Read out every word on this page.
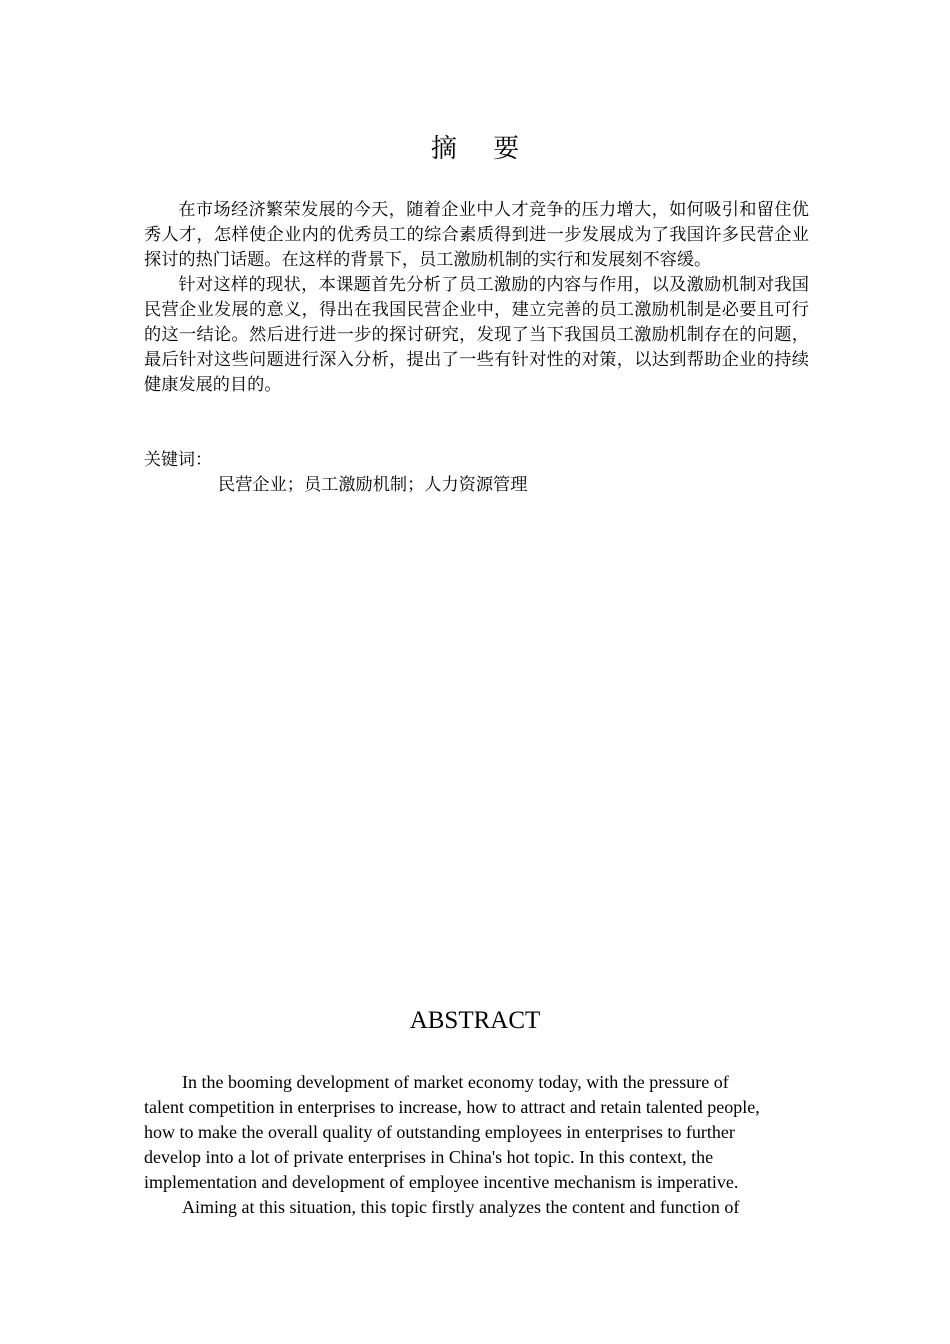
摘 要

在市场经济繁荣发展的今天，随着企业中人才竞争的压力增大，如何吸引和留住优秀人才，怎样使企业内的优秀员工的综合素质得到进一步发展成为了我国许多民营企业探讨的热门话题。在这样的背景下，员工激励机制的实行和发展刻不容缓。

针对这样的现状，本课题首先分析了员工激励的内容与作用，以及激励机制对我国民营企业发展的意义，得出在我国民营企业中，建立完善的员工激励机制是必要且可行的这一结论。然后进行进一步的探讨研究，发现了当下我国员工激励机制存在的问题，最后针对这些问题进行深入分析，提出了一些有针对性的对策，以达到帮助企业的持续健康发展的目的。

关键词：
民营企业；员工激励机制；人力资源管理
ABSTRACT

In the booming development of market economy today, with the pressure of
talent competition in enterprises to increase, how to attract and retain talented people,
how to make the overall quality of outstanding employees in enterprises to further
develop into a lot of private enterprises in China's hot topic. In this context, the
implementation and development of employee incentive mechanism is imperative.

Aiming at this situation, this topic firstly analyzes the content and function of
